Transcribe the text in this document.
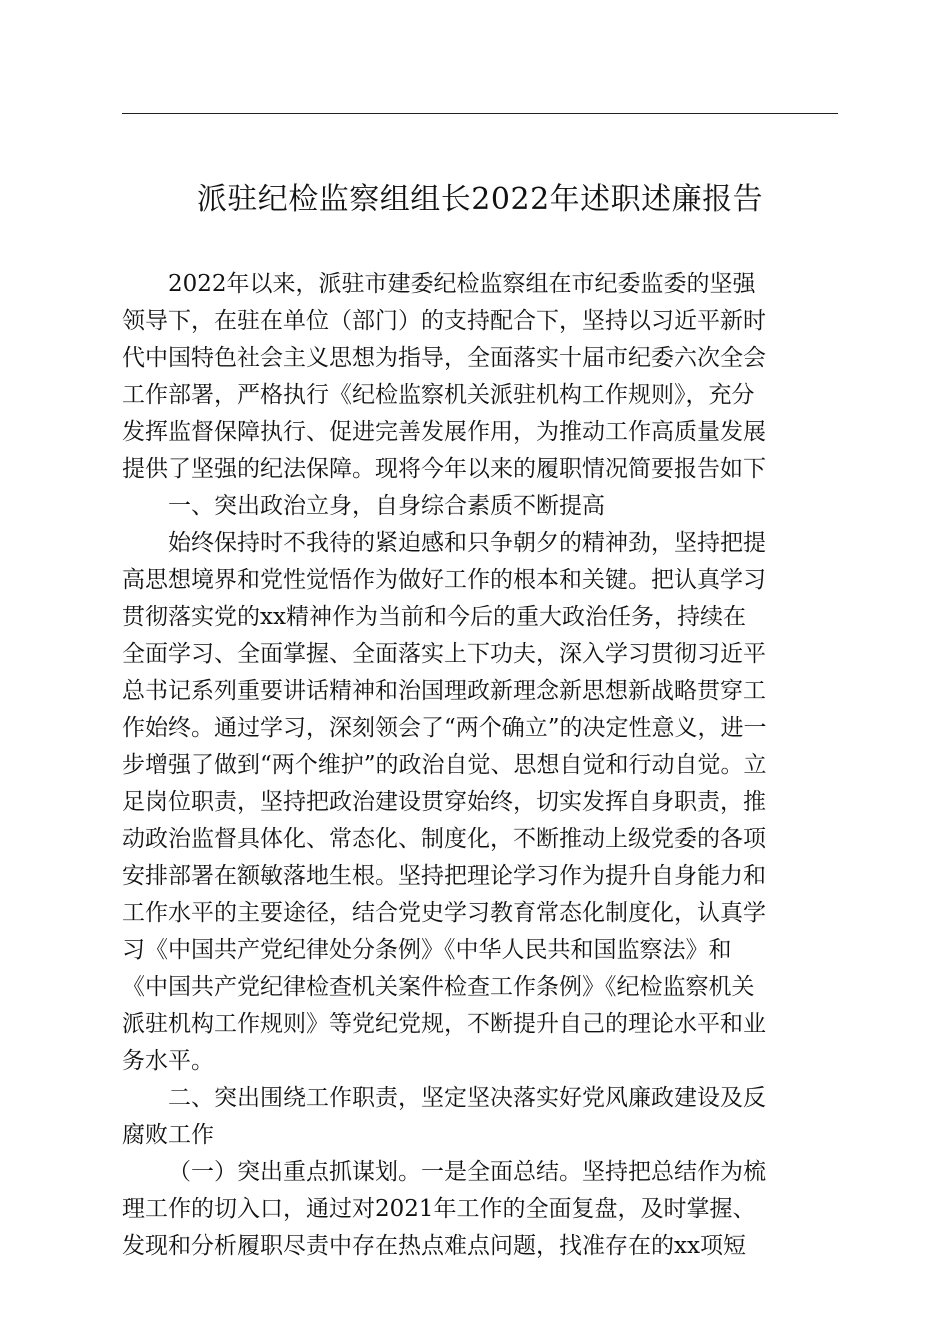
派驻纪检监察组组长2022年述职述廉报告

2022年以来，派驻市建委纪检监察组在市纪委监委的坚强
领导下，在驻在单位（部门）的支持配合下，坚持以习近平新时
代中国特色社会主义思想为指导，全面落实十届市纪委六次全会
工作部署，严格执行《纪检监察机关派驻机构工作规则》，充分
发挥监督保障执行、促进完善发展作用，为推动工作高质量发展
提供了坚强的纪法保障。现将今年以来的履职情况简要报告如下

一、突出政治立身，自身综合素质不断提高

始终保持时不我待的紧迫感和只争朝夕的精神劲，坚持把提
高思想境界和党性觉悟作为做好工作的根本和关键。把认真学习
贯彻落实党的xx精神作为当前和今后的重大政治任务，持续在
全面学习、全面掌握、全面落实上下功夫，深入学习贯彻习近平
总书记系列重要讲话精神和治国理政新理念新思想新战略贯穿工
作始终。通过学习，深刻领会了“两个确立”的决定性意义，进一
步增强了做到“两个维护”的政治自觉、思想自觉和行动自觉。立
足岗位职责，坚持把政治建设贯穿始终，切实发挥自身职责，推
动政治监督具体化、常态化、制度化，不断推动上级党委的各项
安排部署在额敏落地生根。坚持把理论学习作为提升自身能力和
工作水平的主要途径，结合党史学习教育常态化制度化，认真学
习《中国共产党纪律处分条例》《中华人民共和国监察法》和
《中国共产党纪律检查机关案件检查工作条例》《纪检监察机关
派驻机构工作规则》等党纪党规，不断提升自己的理论水平和业
务水平。

二、突出围绕工作职责，坚定坚决落实好党风廉政建设及反
腐败工作

（一）突出重点抓谋划。一是全面总结。坚持把总结作为梳
理工作的切入口，通过对2021年工作的全面复盘，及时掌握、
发现和分析履职尽责中存在热点难点问题，找准存在的xx项短
